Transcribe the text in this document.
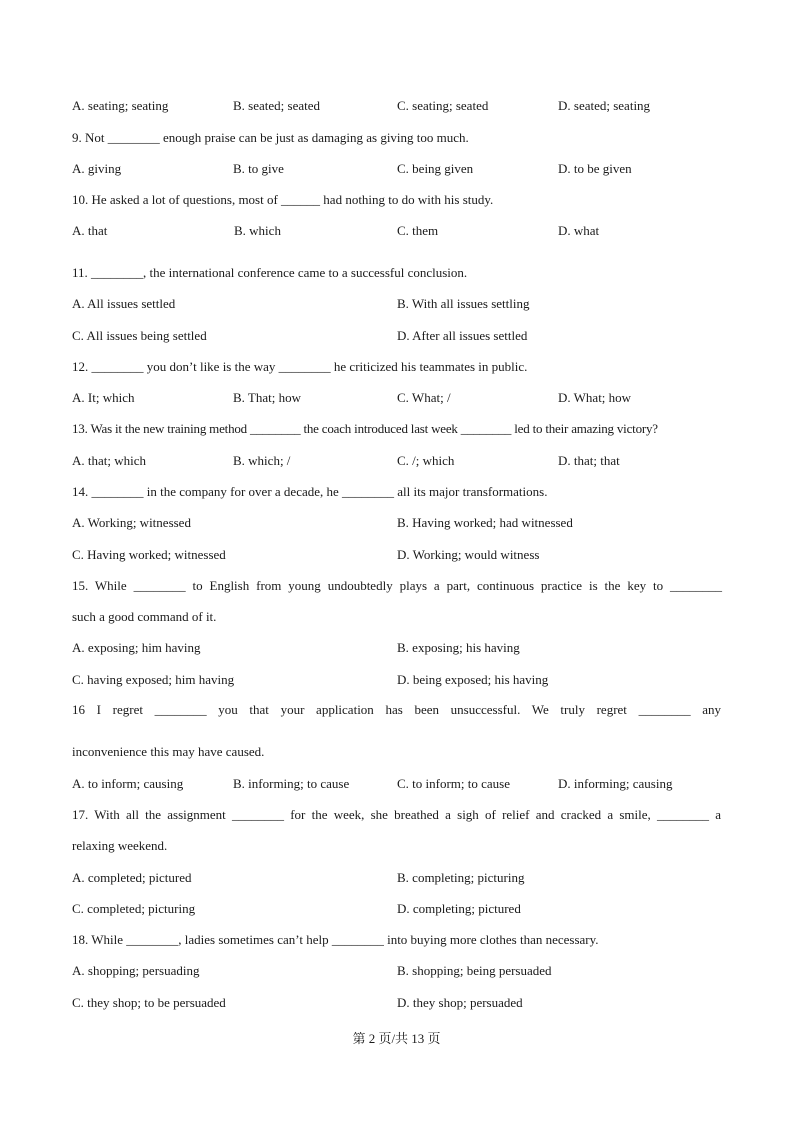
A. seating; seating	B. seated; seated	C. seating; seated	D. seated; seating
9. Not ________ enough praise can be just as damaging as giving too much.
A. giving	B. to give	C. being given	D. to be given
10. He asked a lot of questions, most of ______ had nothing to do with his study.
A. that	B. which	C. them	D. what
11. ________, the international conference came to a successful conclusion.
A. All issues settled	B. With all issues settling
C. All issues being settled	D. After all issues settled
12. ________ you don’t like is the way ________ he criticized his teammates in public.
A. It; which	B. That; how	C. What; /	D. What; how
13. Was it the new training method ________ the coach introduced last week ________ led to their amazing victory?
A. that; which	B. which; /	C. /; which	D. that; that
14. ________ in the company for over a decade, he ________ all its major transformations.
A. Working; witnessed	B. Having worked; had witnessed
C. Having worked; witnessed	D. Working; would witness
15. While ________ to English from young undoubtedly plays a part, continuous practice is the key to ________
such a good command of it.
A. exposing; him having	B. exposing; his having
C. having exposed; him having	D. being exposed; his having
16 I regret ________ you that your application has been unsuccessful. We truly regret ________ any
inconvenience this may have caused.
A. to inform; causing	B. informing; to cause	C. to inform; to cause	D. informing; causing
17. With all the assignment ________ for the week, she breathed a sigh of relief and cracked a smile, ________ a
relaxing weekend.
A. completed; pictured	B. completing; picturing
C. completed; picturing	D. completing; pictured
18. While ________, ladies sometimes can’t help ________ into buying more clothes than necessary.
A. shopping; persuading	B. shopping; being persuaded
C. they shop; to be persuaded	D. they shop; persuaded
第 2 页/共 13 页
